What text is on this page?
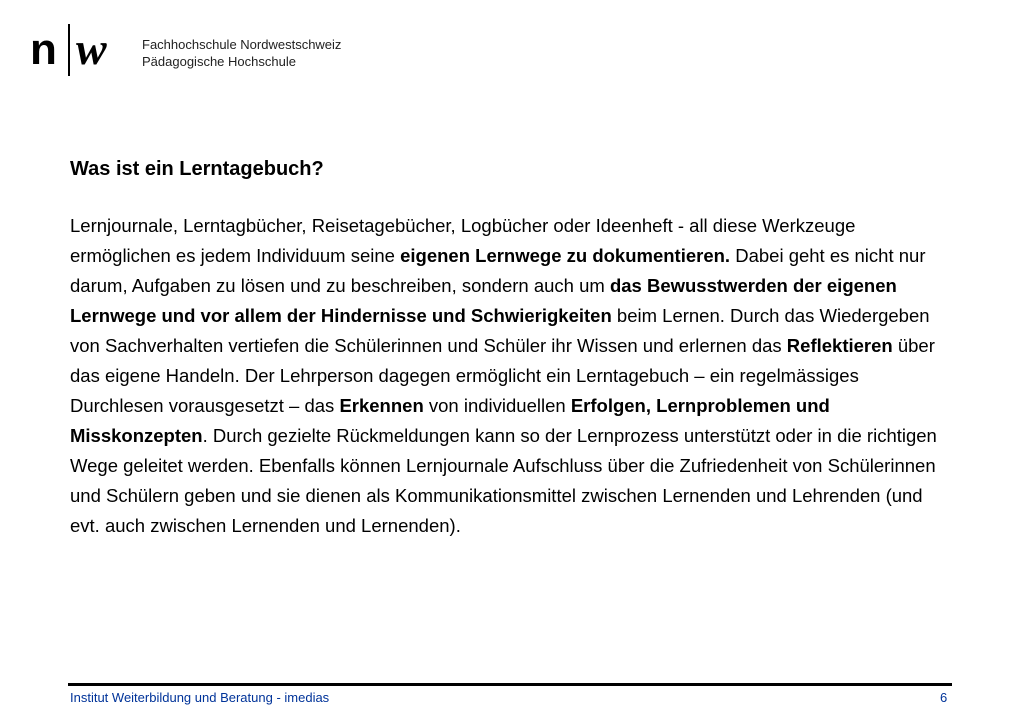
n w	Fachhochschule Nordwestschweiz
Pädagogische Hochschule
Was ist ein Lerntagebuch?

Lernjournale, Lerntagbücher, Reisetagebücher, Logbücher oder Ideenheft - all diese Werkzeuge ermöglichen es jedem Individuum seine eigenen Lernwege zu dokumentieren. Dabei geht es nicht nur darum, Aufgaben zu lösen und zu beschreiben, sondern auch um das Bewusstwerden der eigenen Lernwege und vor allem der Hindernisse und Schwierigkeiten beim Lernen. Durch das Wiedergeben von Sachverhalten vertiefen die Schülerinnen und Schüler ihr Wissen und erlernen das Reflektieren über das eigene Handeln. Der Lehrperson dagegen ermöglicht ein Lerntagebuch – ein regelmässiges Durchlesen vorausgesetzt – das Erkennen von individuellen Erfolgen, Lernproblemen und Misskonzepten. Durch gezielte Rückmeldungen kann so der Lernprozess unterstützt oder in die richtigen Wege geleitet werden. Ebenfalls können Lernjournale Aufschluss über die Zufriedenheit von Schülerinnen und Schülern geben und sie dienen als Kommunikationsmittel zwischen Lernenden und Lehrenden (und evt. auch zwischen Lernenden und Lernenden).

Institut Weiterbildung und Beratung - imedias	6
